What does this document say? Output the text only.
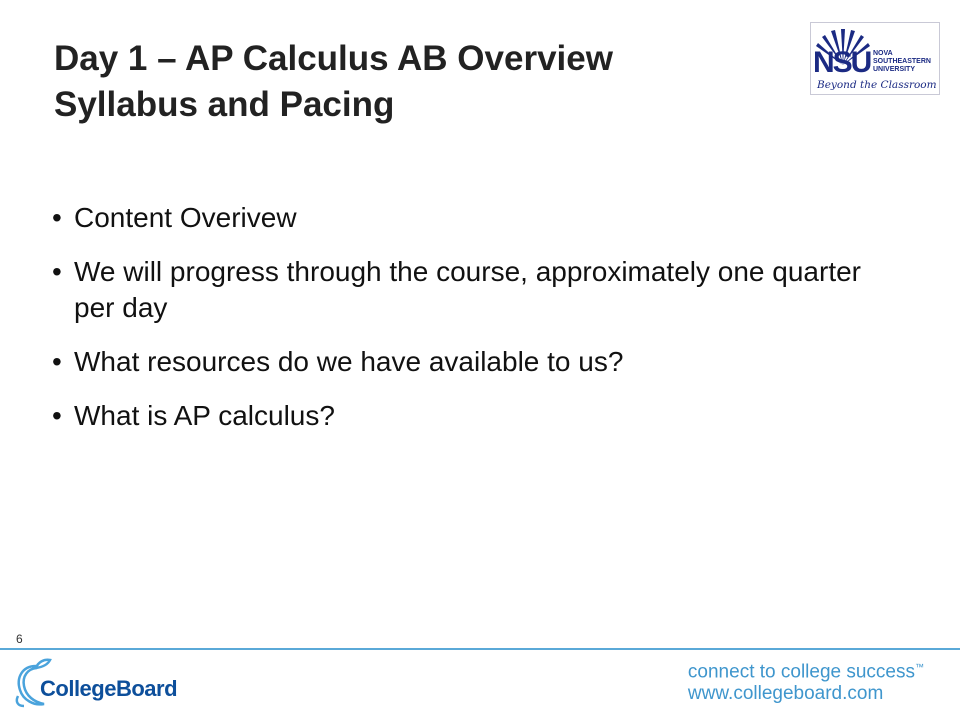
Day 1 – AP Calculus AB Overview
Syllabus and Pacing
NSU NOVA
SOUTHEASTERN
UNIVERSITY
Beyond the Classroom
• Content Overivew
• We will progress through the course, approximately one quarter per day
• What resources do we have available to us?
• What is AP calculus?
6
CollegeBoard
connect to college success™
www.collegeboard.com
